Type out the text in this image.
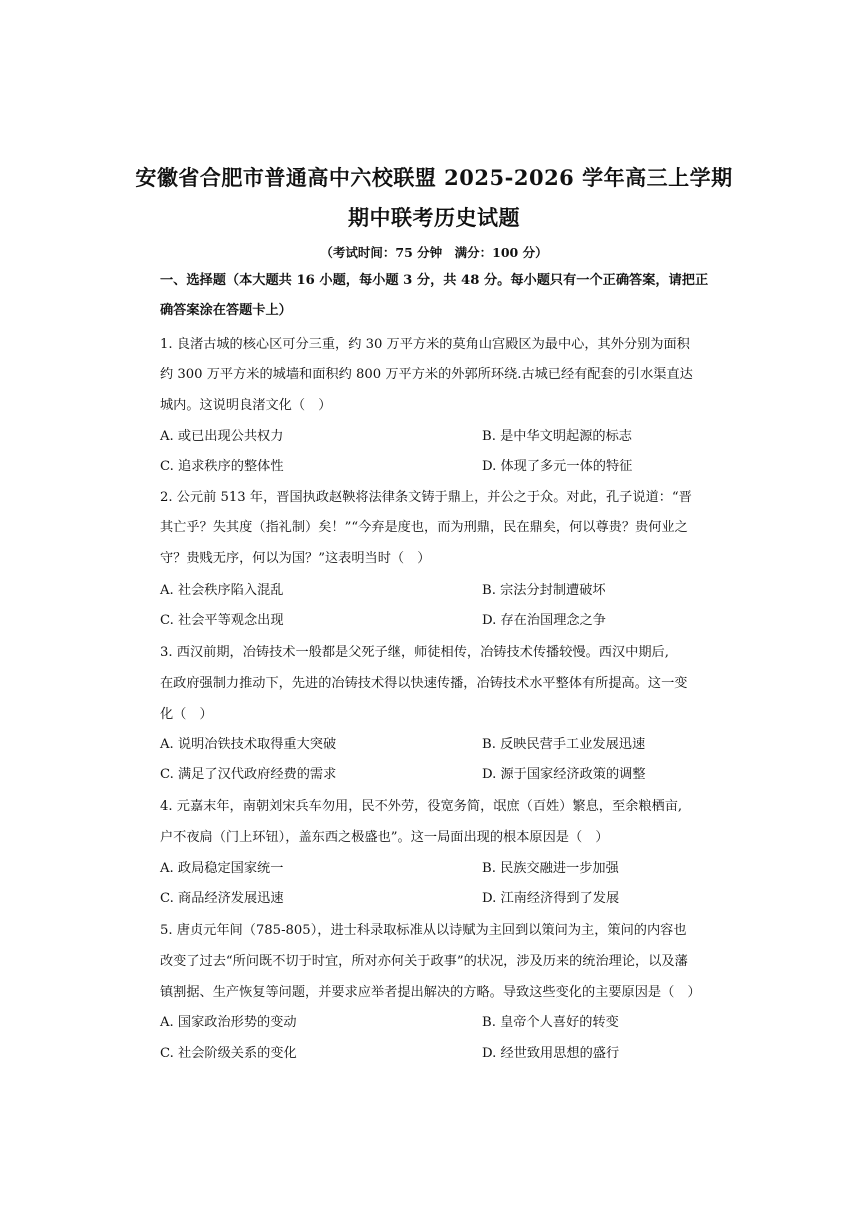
安徽省合肥市普通高中六校联盟 2025-2026 学年高三上学期
期中联考历史试题
（考试时间：75 分钟　满分：100 分）
一、选择题（本大题共 16 小题，每小题 3 分，共 48 分。每小题只有一个正确答案，请把正
确答案涂在答题卡上）
1. 良渚古城的核心区可分三重，约 30 万平方米的莫角山宫殿区为最中心，其外分别为面积
约 300 万平方米的城墙和面积约 800 万平方米的外郭所环绕.古城已经有配套的引水渠直达
城内。这说明良渚文化（　）
A. 或已出现公共权力	B. 是中华文明起源的标志
C. 追求秩序的整体性	D. 体现了多元一体的特征
2. 公元前 513 年，晋国执政赵鞅将法律条文铸于鼎上，并公之于众。对此，孔子说道：“晋
其亡乎？失其度（指礼制）矣！”“今弃是度也，而为刑鼎，民在鼎矣，何以尊贵？贵何业之
守？贵贱无序，何以为国？”这表明当时（　）
A. 社会秩序陷入混乱	B. 宗法分封制遭破坏
C. 社会平等观念出现	D. 存在治国理念之争
3. 西汉前期，冶铸技术一般都是父死子继，师徒相传，冶铸技术传播较慢。西汉中期后,
在政府强制力推动下，先进的冶铸技术得以快速传播，冶铸技术水平整体有所提高。这一变
化（　）
A. 说明冶铁技术取得重大突破	B. 反映民营手工业发展迅速
C. 满足了汉代政府经费的需求	D. 源于国家经济政策的调整
4. 元嘉末年，南朝刘宋兵车勿用，民不外劳，役宽务简，氓庶（百姓）繁息，至余粮栖亩,
户不夜扃（门上环钮），盖东西之极盛也”。这一局面出现的根本原因是（　）
A. 政局稳定国家统一	B. 民族交融进一步加强
C. 商品经济发展迅速	D. 江南经济得到了发展
5. 唐贞元年间（785-805），进士科录取标准从以诗赋为主回到以策问为主，策问的内容也
改变了过去“所问既不切于时宜，所对亦何关于政事”的状况，涉及历来的统治理论，以及藩
镇割据、生产恢复等问题，并要求应举者提出解决的方略。导致这些变化的主要原因是（　）
A. 国家政治形势的变动	B. 皇帝个人喜好的转变
C. 社会阶级关系的变化	D. 经世致用思想的盛行
